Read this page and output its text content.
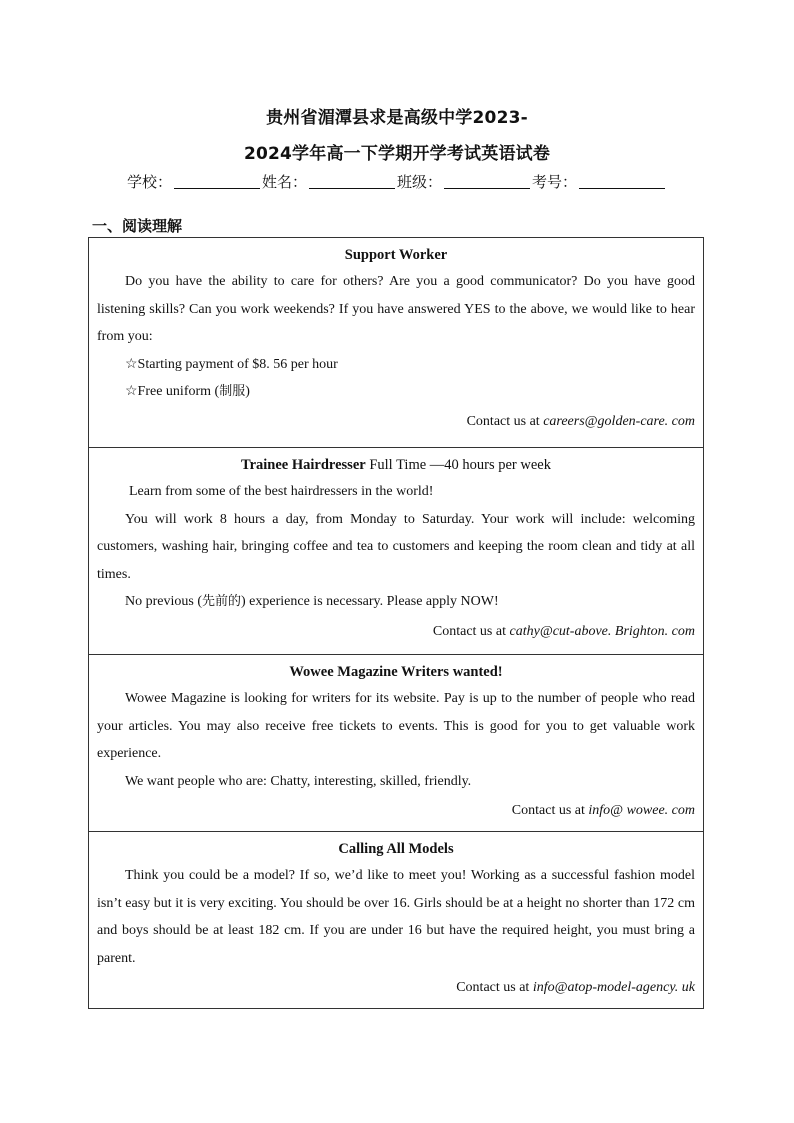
贵州省湄潭县求是高级中学2023-
2024学年高一下学期开学考试英语试卷
学校：	姓名：	班级：	考号：
一、阅读理解
Support Worker

Do you have the ability to care for others? Are you a good communicator? Do you have good listening skills? Can you work weekends? If you have answered YES to the above, we would like to hear from you:

☆Starting payment of $8. 56 per hour

☆Free uniform (制服)

Contact us at careers@golden-care. com

Trainee Hairdresser Full Time —40 hours per week

Learn from some of the best hairdressers in the world!

You will work 8 hours a day, from Monday to Saturday. Your work will include: welcoming customers, washing hair, bringing coffee and tea to customers and keeping the room clean and tidy at all times.

No previous (先前的) experience is necessary. Please apply NOW!

Contact us at cathy@cut-above. Brighton. com

Wowee Magazine Writers wanted!

Wowee Magazine is looking for writers for its website. Pay is up to the number of people who read your articles. You may also receive free tickets to events. This is good for you to get valuable work experience.

We want people who are: Chatty, interesting, skilled, friendly.

Contact us at info@ wowee. com

Calling All Models

Think you could be a model? If so, we’d like to meet you! Working as a successful fashion model isn’t easy but it is very exciting. You should be over 16. Girls should be at a height no shorter than 172 cm and boys should be at least 182 cm. If you are under 16 but have the required height, you must bring a parent.

Contact us at info@atop-model-agency. uk
